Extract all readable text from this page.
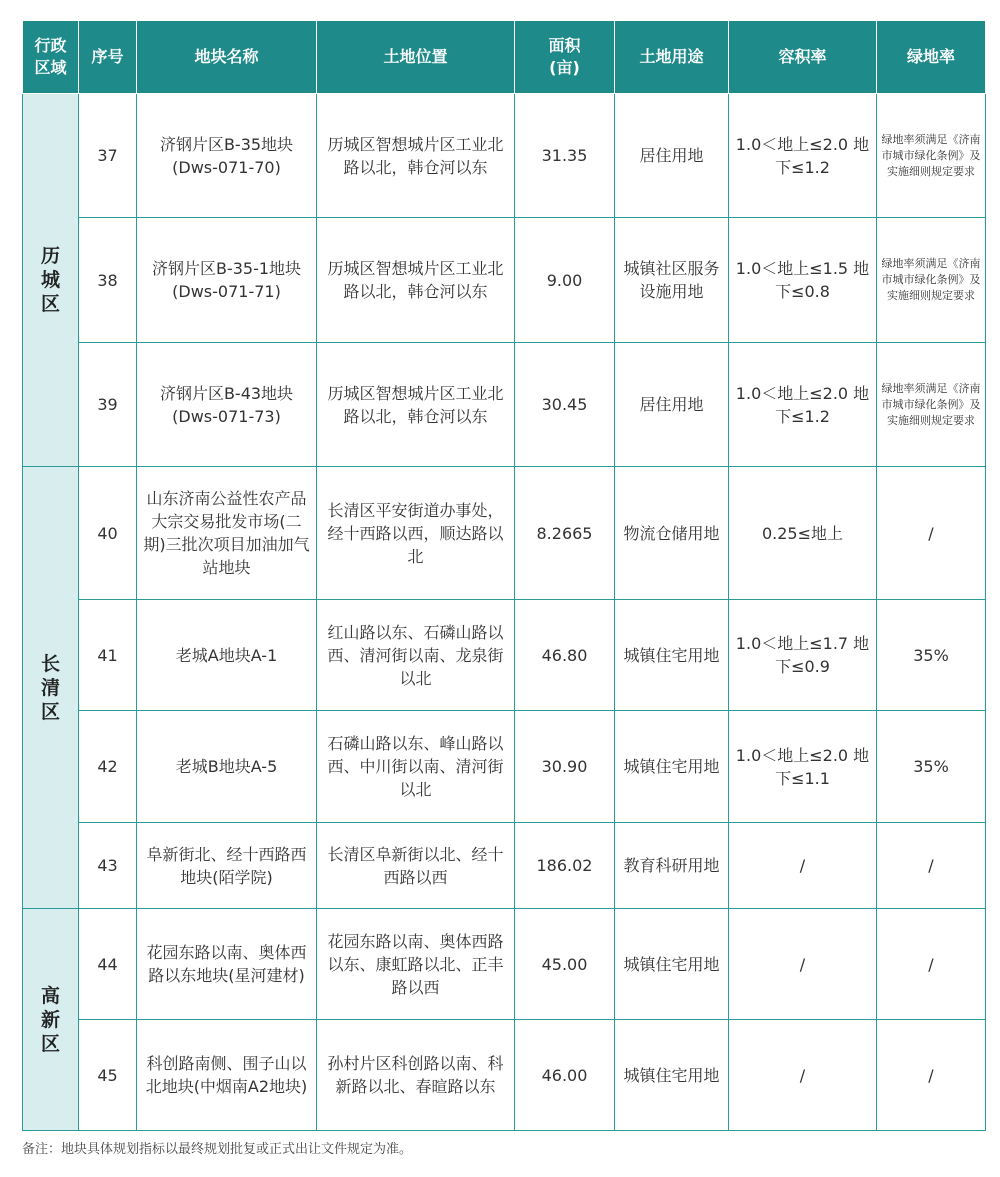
行政区域	序号	地块名称	土地位置	面积(亩)	土地用途	容积率	绿地率
历城区	37	济钢片区B-35地块(Dws-071-70)	历城区智想城片区工业北路以北，韩仓河以东	31.35	居住用地	1.0＜地上≤2.0 地下≤1.2	绿地率须满足《济南市城市绿化条例》及实施细则规定要求
	38	济钢片区B-35-1地块(Dws-071-71)	历城区智想城片区工业北路以北，韩仓河以东	9.00	城镇社区服务设施用地	1.0＜地上≤1.5 地下≤0.8	绿地率须满足《济南市城市绿化条例》及实施细则规定要求
	39	济钢片区B-43地块(Dws-071-73)	历城区智想城片区工业北路以北，韩仓河以东	30.45	居住用地	1.0＜地上≤2.0 地下≤1.2	绿地率须满足《济南市城市绿化条例》及实施细则规定要求
长清区	40	山东济南公益性农产品大宗交易批发市场(二期)三批次项目加油加气站地块	长清区平安街道办事处，经十西路以西，顺达路以北	8.2665	物流仓储用地	0.25≤地上	/
	41	老城A地块A-1	红山路以东、石磷山路以西、清河街以南、龙泉街以北	46.80	城镇住宅用地	1.0＜地上≤1.7 地下≤0.9	35%
	42	老城B地块A-5	石磷山路以东、峰山路以西、中川街以南、清河街以北	30.90	城镇住宅用地	1.0＜地上≤2.0 地下≤1.1	35%
	43	阜新街北、经十西路西地块(陌学院)	长清区阜新街以北、经十西路以西	186.02	教育科研用地	/	/
高新区	44	花园东路以南、奥体西路以东地块(星河建材)	花园东路以南、奥体西路以东、康虹路以北、正丰路以西	45.00	城镇住宅用地	/	/
	45	科创路南侧、围子山以北地块(中烟南A2地块)	孙村片区科创路以南、科新路以北、春暄路以东	46.00	城镇住宅用地	/	/
备注：地块具体规划指标以最终规划批复或正式出让文件规定为准。
